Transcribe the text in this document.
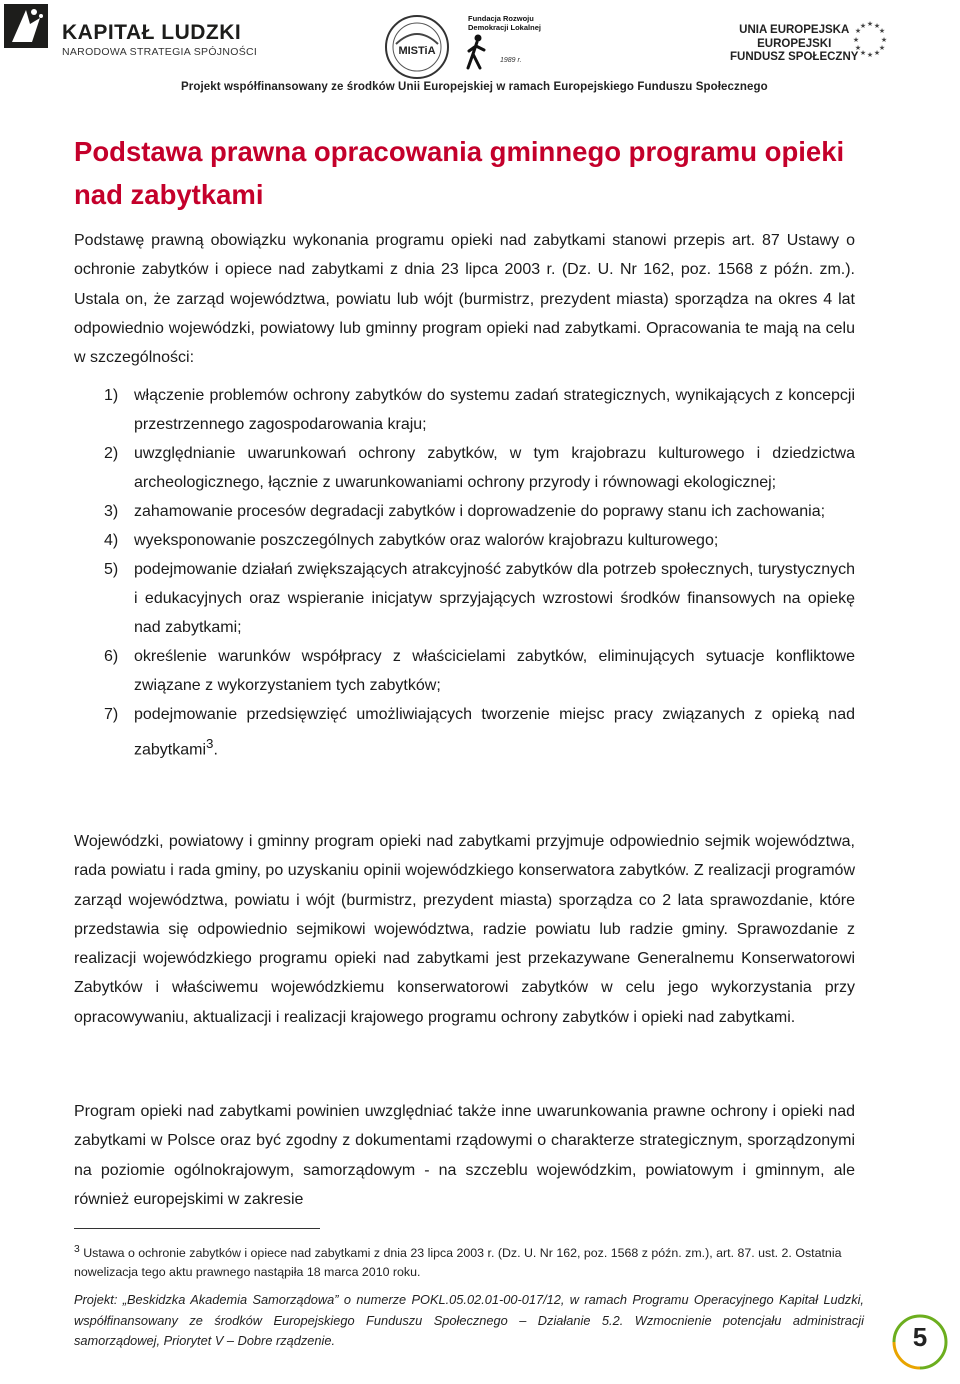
KAPITAŁ LUDZKI
NARODOWA STRATEGIA SPÓJNOŚCI	MISTiA
Fundacja Rozwoju
Demokracji Lokalnej
1989 r.
UNIA EUROPEJSKA
EUROPEJSKI
FUNDUSZ SPOŁECZNY
★ ★
★
★
★
★
★
★
★
★
★
★
Projekt współfinansowany ze środków Unii Europejskiej w ramach Europejskiego Funduszu Społecznego
Podstawa prawna opracowania gminnego programu opieki nad zabytkami

Podstawę prawną obowiązku wykonania programu opieki nad zabytkami stanowi przepis art. 87 Ustawy o ochronie zabytków i opiece nad zabytkami z dnia 23 lipca 2003 r. (Dz. U. Nr 162, poz. 1568 z późn. zm.). Ustala on, że zarząd województwa, powiatu lub wójt (burmistrz, prezydent miasta) sporządza na okres 4 lat odpowiednio wojewódzki, powiatowy lub gminny program opieki nad zabytkami. Opracowania te mają na celu w szczególności:

1) włączenie problemów ochrony zabytków do systemu zadań strategicznych, wynikających z koncepcji przestrzennego zagospodarowania kraju;
2) uwzględnianie uwarunkowań ochrony zabytków, w tym krajobrazu kulturowego i dziedzictwa archeologicznego, łącznie z uwarunkowaniami ochrony przyrody i równowagi ekologicznej;
3) zahamowanie procesów degradacji zabytków i doprowadzenie do poprawy stanu ich zachowania;
4) wyeksponowanie poszczególnych zabytków oraz walorów krajobrazu kulturowego;
5) podejmowanie działań zwiększających atrakcyjność zabytków dla potrzeb społecznych, turystycznych i edukacyjnych oraz wspieranie inicjatyw sprzyjających wzrostowi środków finansowych na opiekę nad zabytkami;
6) określenie warunków współpracy z właścicielami zabytków, eliminujących sytuacje konfliktowe związane z wykorzystaniem tych zabytków;
7) podejmowanie przedsięwzięć umożliwiających tworzenie miejsc pracy związanych z opieką nad zabytkami$^3$.

Wojewódzki, powiatowy i gminny program opieki nad zabytkami przyjmuje odpowiednio sejmik województwa, rada powiatu i rada gminy, po uzyskaniu opinii wojewódzkiego konserwatora zabytków. Z realizacji programów zarząd województwa, powiatu i wójt (burmistrz, prezydent miasta) sporządza co 2 lata sprawozdanie, które przedstawia się odpowiednio sejmikowi województwa, radzie powiatu lub radzie gminy. Sprawozdanie z realizacji wojewódzkiego programu opieki nad zabytkami jest przekazywane Generalnemu Konserwatorowi Zabytków i właściwemu wojewódzkiemu konserwatorowi zabytków w celu jego wykorzystania przy opracowywaniu, aktualizacji i realizacji krajowego programu ochrony zabytków i opieki nad zabytkami.

Program opieki nad zabytkami powinien uwzględniać także inne uwarunkowania prawne ochrony i opieki nad zabytkami w Polsce oraz być zgodny z dokumentami rządowymi o charakterze strategicznym, sporządzonymi na poziomie ogólnokrajowym, samorządowym - na szczeblu wojewódzkim, powiatowym i gminnym, ale również europejskimi w zakresie

$^3$ Ustawa o ochronie zabytków i opiece nad zabytkami z dnia 23 lipca 2003 r. (Dz. U. Nr 162, poz. 1568 z późn. zm.), art. 87. ust. 2. Ostatnia nowelizacja tego aktu prawnego nastąpiła 18 marca 2010 roku.
Projekt: „Beskidzka Akademia Samorządowa” o numerze POKL.05.02.01-00-017/12, w ramach Programu Operacyjnego Kapitał Ludzki, współfinansowany ze środków Europejskiego Funduszu Społecznego – Działanie 5.2. Wzmocnienie potencjału administracji samorządowej, Priorytet V – Dobre rządzenie.	5
